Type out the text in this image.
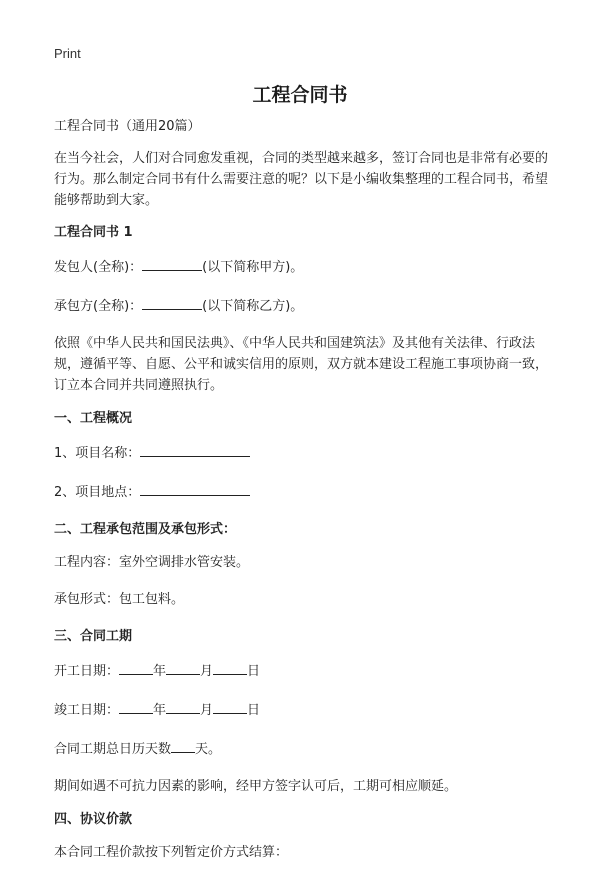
Print
工程合同书

工程合同书（通用20篇）

在当今社会，人们对合同愈发重视，合同的类型越来越多，签订合同也是非常有必要的行为。那么制定合同书有什么需要注意的呢？以下是小编收集整理的工程合同书，希望能够帮助到大家。

工程合同书 1

发包人(全称)：	(以下简称甲方)。

承包方(全称)：	(以下简称乙方)。

依照《中华人民共和国民法典》、《中华人民共和国建筑法》及其他有关法律、行政法规，遵循平等、自愿、公平和诚实信用的原则，双方就本建设工程施工事项协商一致，订立本合同并共同遵照执行。

一、工程概况

1、项目名称：

2、项目地点：

二、工程承包范围及承包形式：

工程内容：室外空调排水管安装。

承包形式：包工包料。

三、合同工期

开工日期：	年	月	日

竣工日期：	年	月	日

合同工期总日历天数 天。

期间如遇不可抗力因素的影响，经甲方签字认可后，工期可相应顺延。

四、协议价款

本合同工程价款按下列暂定价方式结算：
